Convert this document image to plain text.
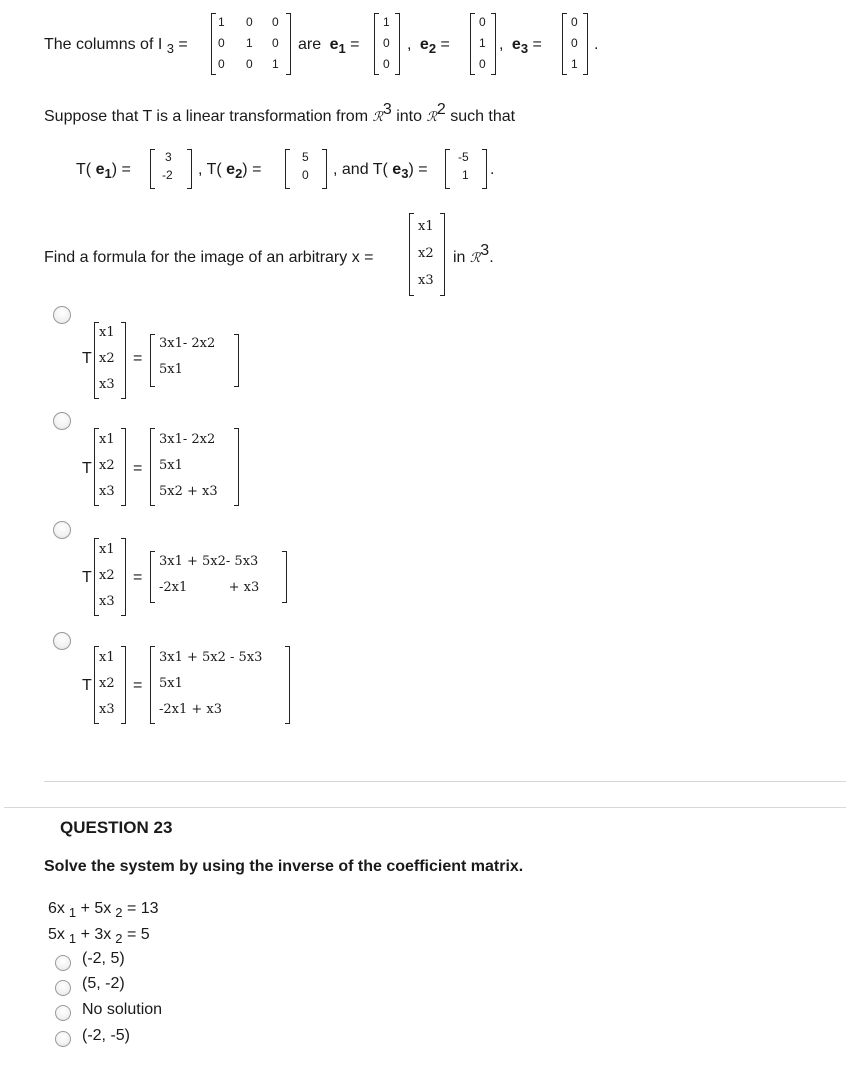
The columns of I $_3$ =
1 0 0
0 1 0
0 0 1
are $e_1$ =
1
0
0
, $e_2$ =
0
1
0
, $e_3$ =
0
0
1
.
Suppose that T is a linear transformation from ℛ3 into ℛ2 such that
T( $e_1$) =
3
-2 , T( $e_2$) =
5
0 , and T( $e_3$) =
-5
1 .
Find a formula for the image of an arbitrary x =
x1
x2
x3
in ℛ3.
T
x1
x2
x3
=
3x1- 2x2
5x1
T
x1
x2
x3
=
3x1- 2x2
5x1
5x2 + x3
T
x1
x2
x3
=
3x1 + 5x2- 5x3
-2x1          + x3
T
x1
x2
x3
=
3x1 + 5x2 - 5x3
5x1
-2x1 + x3
QUESTION 23
Solve the system by using the inverse of the coefficient matrix.
6x $_1$ + 5x $_2$ = 13
5x $_1$ + 3x $_2$ = 5
(-2, 5)
(5, -2)
No solution
(-2, -5)
